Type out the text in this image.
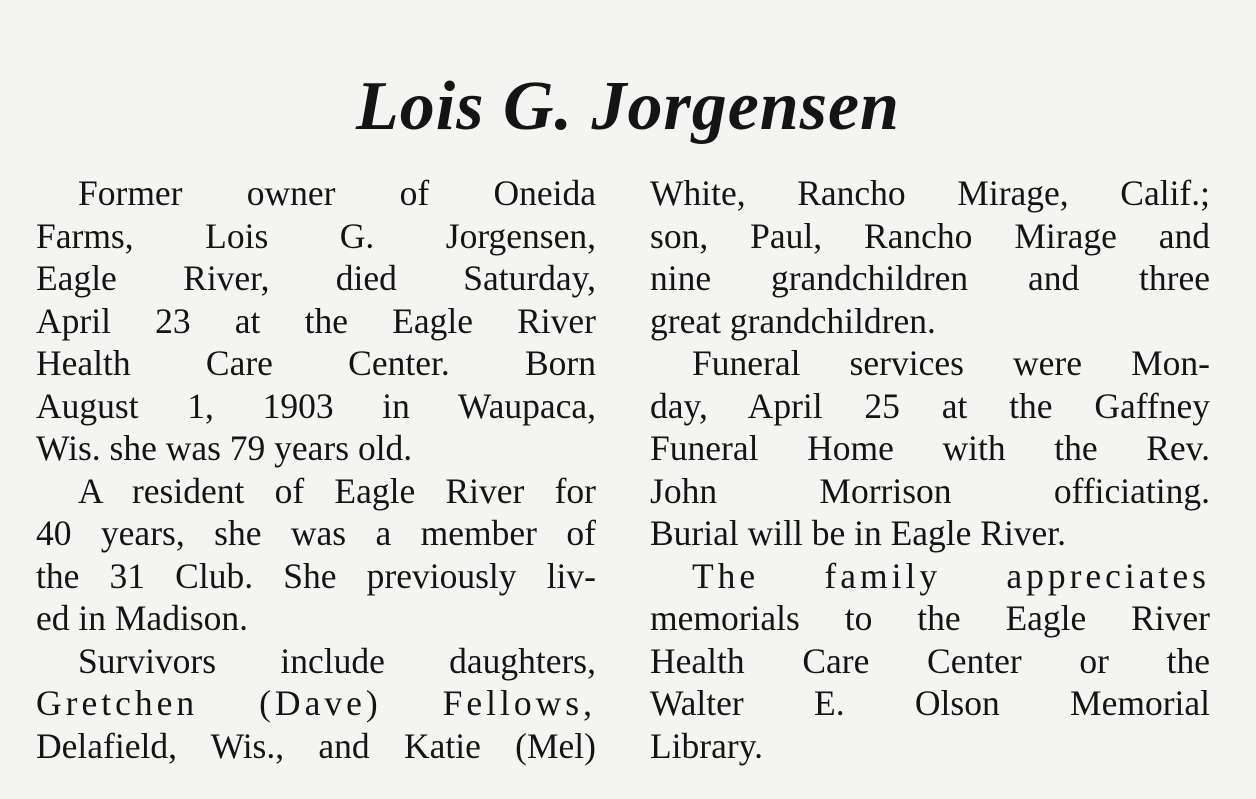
Lois G. Jorgensen
Former owner of Oneida
Farms, Lois G. Jorgensen,
Eagle River, died Saturday,
April 23 at the Eagle River
Health Care Center. Born
August 1, 1903 in Waupaca,
Wis. she was 79 years old.
A resident of Eagle River for
40 years, she was a member of
the 31 Club. She previously liv-
ed in Madison.
Survivors include daughters,
Gretchen (Dave) Fellows,
Delafield, Wis., and Katie (Mel)
White, Rancho Mirage, Calif.;
son, Paul, Rancho Mirage and
nine grandchildren and three
great grandchildren.
Funeral services were Mon-
day, April 25 at the Gaffney
Funeral Home with the Rev.
John Morrison officiating.
Burial will be in Eagle River.
The family appreciates
memorials to the Eagle River
Health Care Center or the
Walter E. Olson Memorial
Library.
